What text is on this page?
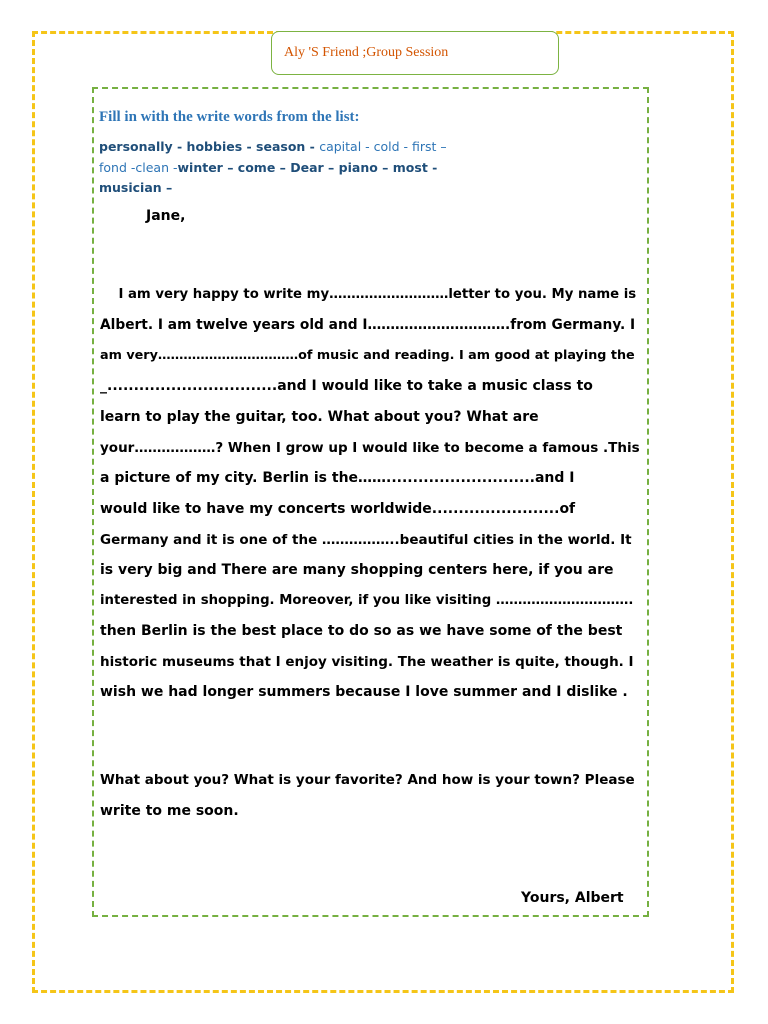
Aly 'S Friend ;Group Session
Fill in with the write words from the list:
personally - hobbies - season - capital - cold - first –
fond -clean -winter – come – Dear – piano – most -
musician –
Jane,
I am very happy to write my………………………letter to you. My name is
Albert. I am twelve years old and I………………………….from Germany. I
am very……………………………of music and reading. I am good at playing the
_................................and I would like to take a music class to
learn to play the guitar, too. What about you? What are
your………………? When I grow up I would like to become a famous .This
a picture of my city. Berlin is the……............................and I
would like to have my concerts worldwide........................of
Germany and it is one of the ……………..beautiful cities in the world. It
is very big and There are many shopping centers here, if you are
interested in shopping. Moreover, if you like visiting ………………………….
then Berlin is the best place to do so as we have some of the best
historic museums that I enjoy visiting. The weather is quite, though. I
wish we had longer summers because I love summer and I dislike .
What about you? What is your favorite? And how is your town? Please
write to me soon.
Yours, Albert
